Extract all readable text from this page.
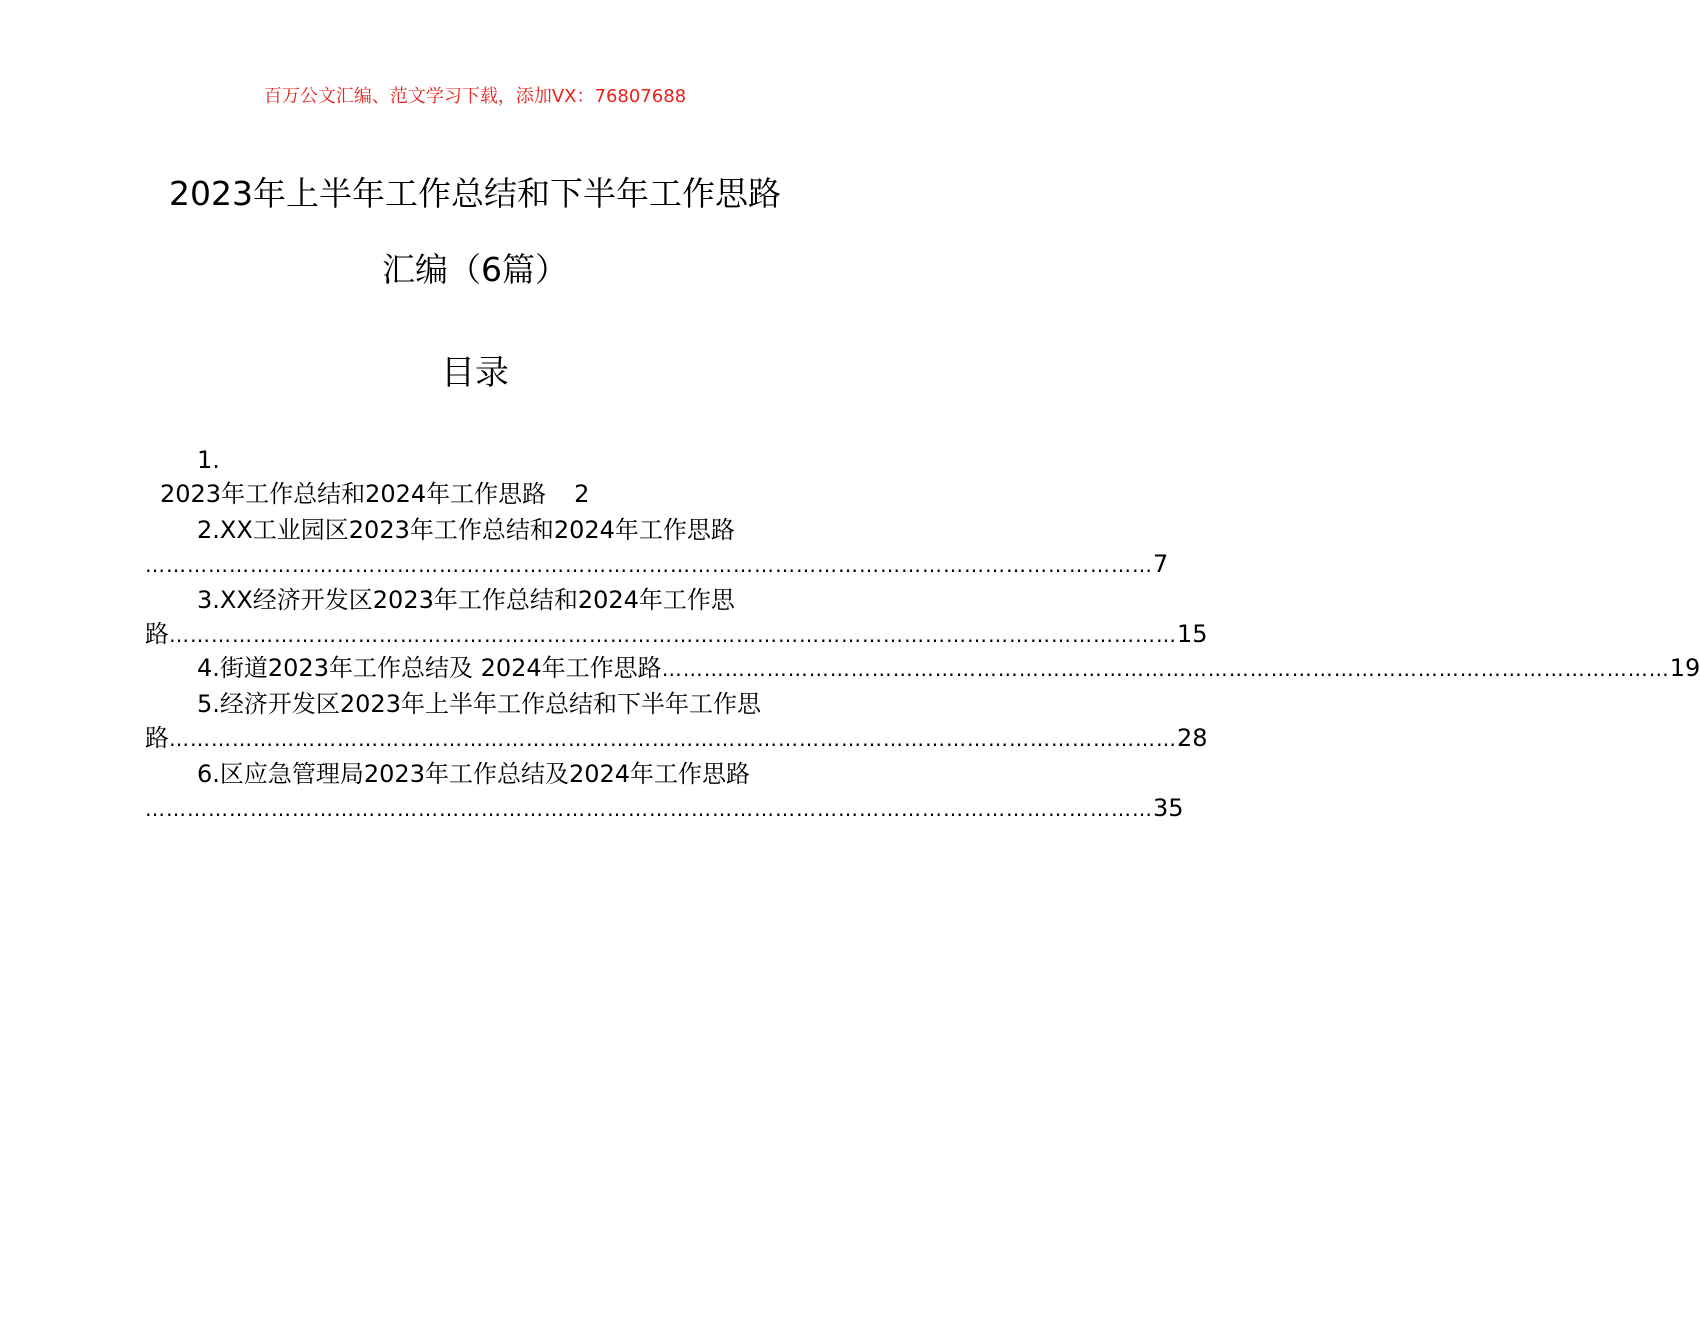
百万公文汇编、范文学习下载，添加VX：76807688
2023年上半年工作总结和下半年工作思路
汇编（6篇）
目录
1.
2023年工作总结和2024年工作思路 2
2.XX工业园区2023年工作总结和2024年工作思路
……………………………………………………………………………………………………………………………… 7
3.XX经济开发区2023年工作总结和2024年工作思
路 ……………………………………………………………………………………………………………………………… 15
4.街道2023年工作总结及 2024年工作思路 ……………………………………………………………………………………………………………………………… 19
5.经济开发区2023年上半年工作总结和下半年工作思
路 ……………………………………………………………………………………………………………………………… 28
6.区应急管理局2023年工作总结及2024年工作思路
……………………………………………………………………………………………………………………………… 35
